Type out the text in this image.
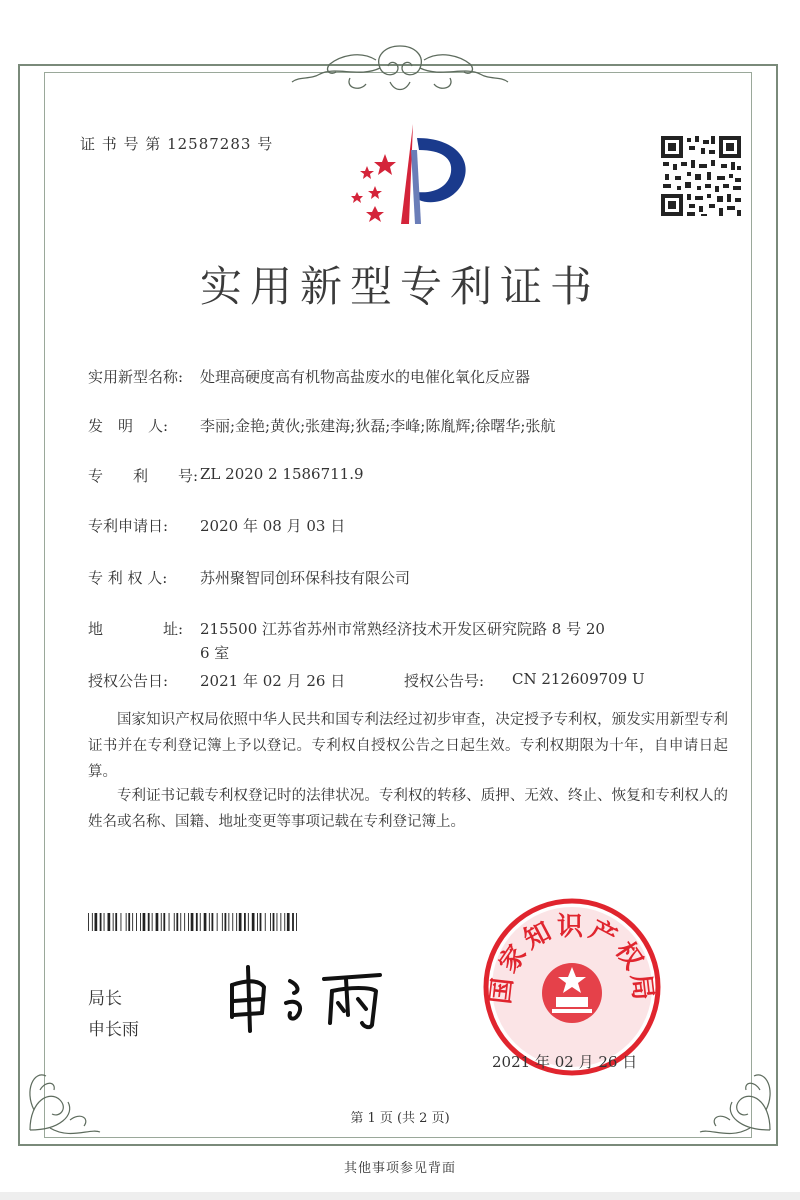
证 书 号 第 12587283 号
实用新型专利证书
实用新型名称: 处理高硬度高有机物高盐废水的电催化氧化反应器
发　明　人: 李丽;金艳;黄伙;张建海;狄磊;李峰;陈胤辉;徐曙华;张航
专　　利　　号: ZL 2020 2 1586711.9
专利申请日: 2020 年 08 月 03 日
专 利 权 人: 苏州聚智同创环保科技有限公司
地　　　　址: 215500 江苏省苏州市常熟经济技术开发区研究院路 8 号 20
6 室
授权公告日: 2021 年 02 月 26 日	授权公告号: CN 212609709 U
国家知识产权局依照中华人民共和国专利法经过初步审查，决定授予专利权，颁发实用新型专利证书并在专利登记簿上予以登记。专利权自授权公告之日起生效。专利权期限为十年，自申请日起算。
专利证书记载专利权登记时的法律状况。专利权的转移、质押、无效、终止、恢复和专利权人的姓名或名称、国籍、地址变更等事项记载在专利登记簿上。
局长
申长雨
国家知识产权局
2021 年 02 月 26 日
第 1 页 (共 2 页)
其他事项参见背面
